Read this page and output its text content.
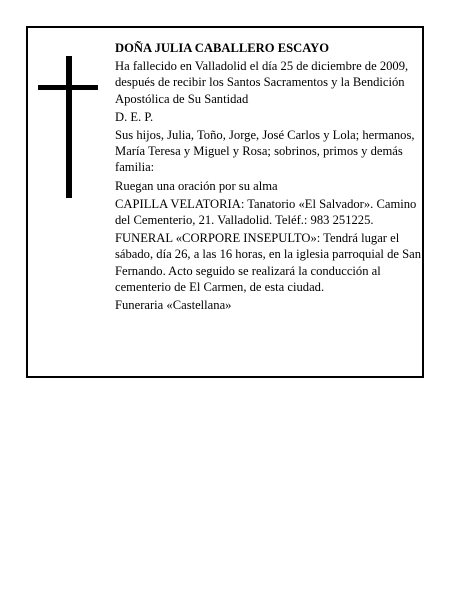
DOÑA JULIA CABALLERO ESCAYO

Ha fallecido en Valladolid el día 25 de diciembre de 2009, después de recibir los Santos Sacramentos y la Bendición Apostólica de Su Santidad

D. E. P.

Sus hijos, Julia, Toño, Jorge, José Carlos y Lola; hermanos, María Teresa y Miguel y Rosa; sobrinos, primos y demás familia:

Ruegan una oración por su alma

CAPILLA VELATORIA: Tanatorio «El Salvador». Camino del Cementerio, 21. Valladolid. Teléf.: 983 251225.

FUNERAL «CORPORE INSEPULTO»: Tendrá lugar el sábado, día 26, a las 16 horas, en la iglesia parroquial de San Fernando. Acto seguido se realizará la conducción al cementerio de El Carmen, de esta ciudad.

Funeraria «Castellana»
